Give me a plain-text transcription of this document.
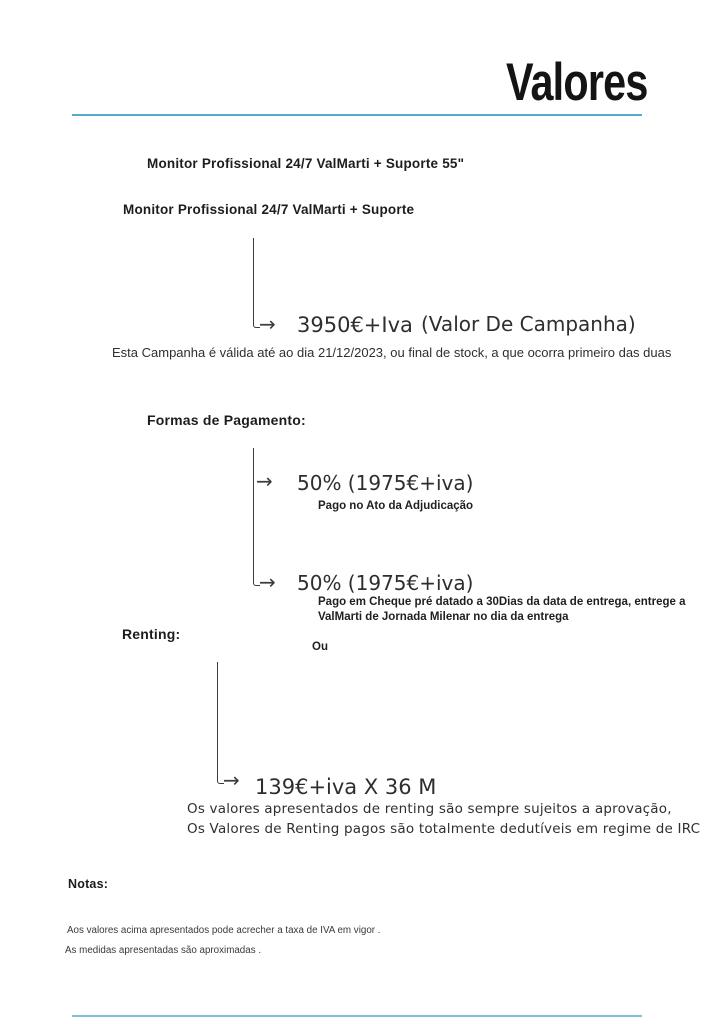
Valores
Monitor Profissional 24/7 ValMarti + Suporte 55"
Monitor Profissional 24/7 ValMarti + Suporte
→ 3950€+Iva (Valor De Campanha)
Esta Campanha é válida até ao dia 21/12/2023, ou final de stock, a que ocorra primeiro das duas
Formas de Pagamento:
→ 50% (1975€+iva)
Pago no Ato da Adjudicação
→ 50% (1975€+iva)
Pago em Cheque pré datado a 30Dias da data de entrega, entrege a
ValMarti de Jornada Milenar no dia da entrega
Renting:
Ou
→ 139€+iva X 36 M
Os valores apresentados de renting são sempre sujeitos a aprovação,
Os Valores de Renting pagos são totalmente dedutíveis em regime de IRC
Notas:
Aos valores acima apresentados pode acrecher a taxa de IVA em vigor .
As medidas apresentadas são aproximadas .
